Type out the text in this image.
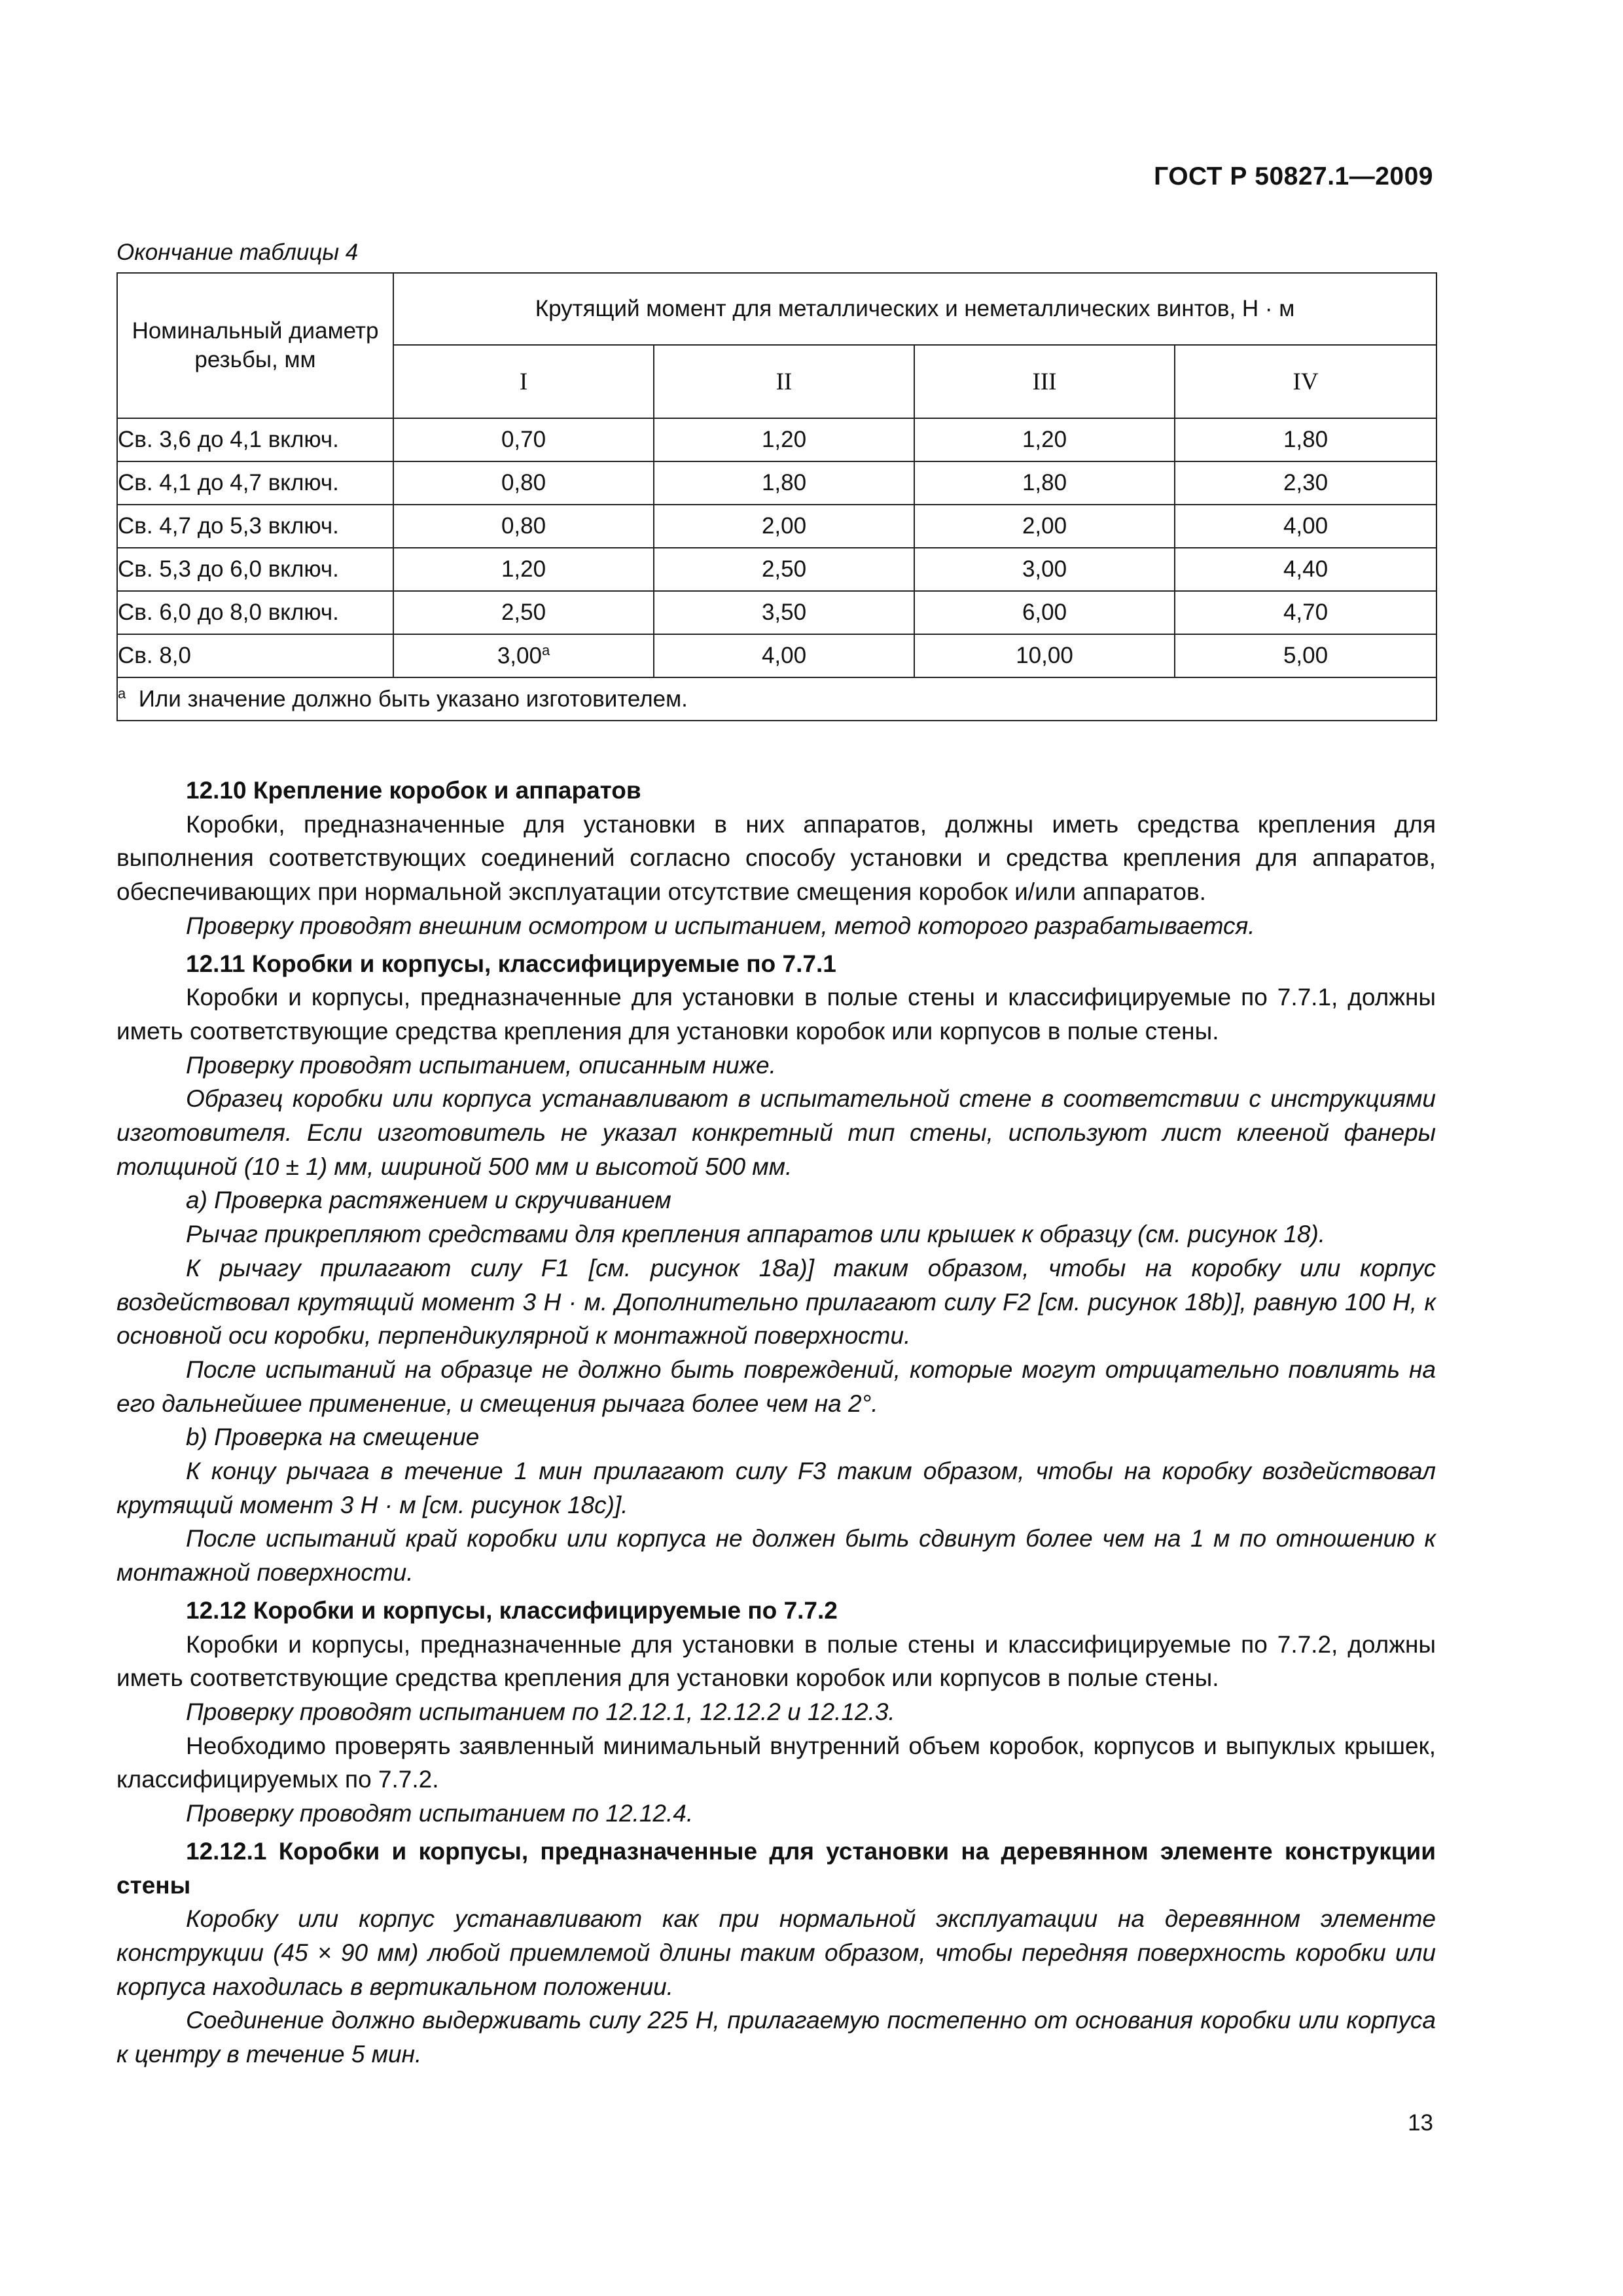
ГОСТ Р 50827.1—2009
Окончание таблицы 4
Номинальный диаметр резьбы, мм	Крутящий момент для металлических и неметаллических винтов, Н · м			
	I	II	III	IV
Св. 3,6 до 4,1 включ.	0,70	1,20	1,20	1,80
Св. 4,1 до 4,7 включ.	0,80	1,80	1,80	2,30
Св. 4,7 до 5,3 включ.	0,80	2,00	2,00	4,00
Св. 5,3 до 6,0 включ.	1,20	2,50	3,00	4,40
Св. 6,0 до 8,0 включ.	2,50	3,50	6,00	4,70
Св. 8,0	3,00$^a$	4,00	10,00	5,00
$^a$ Или значение должно быть указано изготовителем.				

12.10 Крепление коробок и аппаратов

Коробки, предназначенные для установки в них аппаратов, должны иметь средства крепления для выполнения соответствующих соединений согласно способу установки и средства крепления для аппаратов, обеспечивающих при нормальной эксплуатации отсутствие смещения коробок и/или аппаратов.

Проверку проводят внешним осмотром и испытанием, метод которого разрабатывается.

12.11 Коробки и корпусы, классифицируемые по 7.7.1

Коробки и корпусы, предназначенные для установки в полые стены и классифицируемые по 7.7.1, должны иметь соответствующие средства крепления для установки коробок или корпусов в полые стены.

Проверку проводят испытанием, описанным ниже.

Образец коробки или корпуса устанавливают в испытательной стене в соответствии с инструкциями изготовителя. Если изготовитель не указал конкретный тип стены, используют лист клееной фанеры толщиной (10 ± 1) мм, шириной 500 мм и высотой 500 мм.

a) Проверка растяжением и скручиванием

Рычаг прикрепляют средствами для крепления аппаратов или крышек к образцу (см. рисунок 18).

К рычагу прилагают силу F1 [см. рисунок 18a)] таким образом, чтобы на коробку или корпус воздействовал крутящий момент 3 Н · м. Дополнительно прилагают силу F2 [см. рисунок 18b)], равную 100 Н, к основной оси коробки, перпендикулярной к монтажной поверхности.

После испытаний на образце не должно быть повреждений, которые могут отрицательно повлиять на его дальнейшее применение, и смещения рычага более чем на 2°.

b) Проверка на смещение

К концу рычага в течение 1 мин прилагают силу F3 таким образом, чтобы на коробку воздействовал крутящий момент 3 Н · м [см. рисунок 18c)].

После испытаний край коробки или корпуса не должен быть сдвинут более чем на 1 м по отношению к монтажной поверхности.

12.12 Коробки и корпусы, классифицируемые по 7.7.2

Коробки и корпусы, предназначенные для установки в полые стены и классифицируемые по 7.7.2, должны иметь соответствующие средства крепления для установки коробок или корпусов в полые стены.

Проверку проводят испытанием по 12.12.1, 12.12.2 и 12.12.3.

Необходимо проверять заявленный минимальный внутренний объем коробок, корпусов и выпуклых крышек, классифицируемых по 7.7.2.

Проверку проводят испытанием по 12.12.4.

12.12.1 Коробки и корпусы, предназначенные для установки на деревянном элементе конструкции стены

Коробку или корпус устанавливают как при нормальной эксплуатации на деревянном элементе конструкции (45 × 90 мм) любой приемлемой длины таким образом, чтобы передняя поверхность коробки или корпуса находилась в вертикальном положении.

Соединение должно выдерживать силу 225 Н, прилагаемую постепенно от основания коробки или корпуса к центру в течение 5 мин.

13
